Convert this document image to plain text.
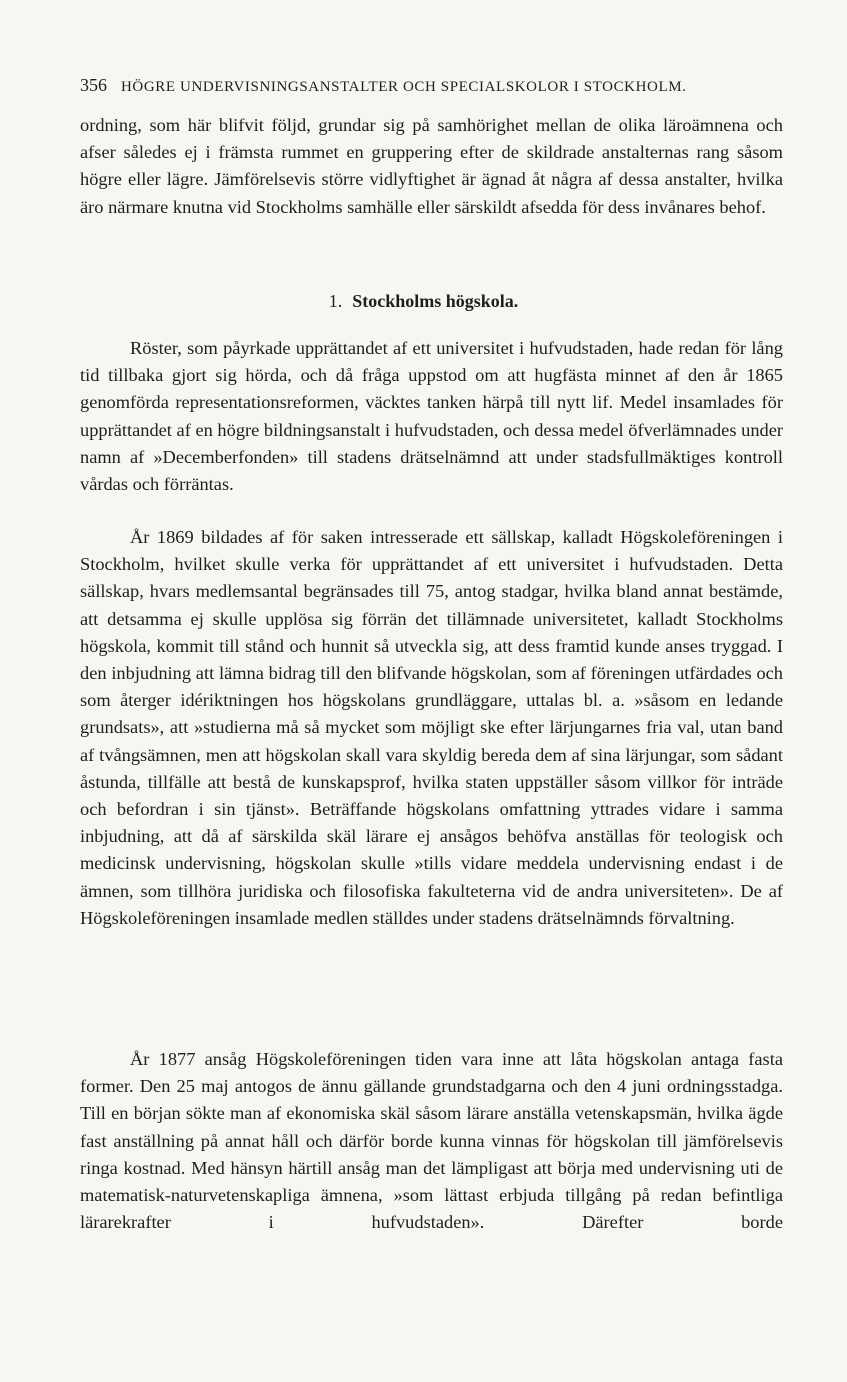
356 HÖGRE UNDERVISNINGSANSTALTER OCH SPECIALSKOLOR I STOCKHOLM.

ordning, som här blifvit följd, grundar sig på samhörighet mellan de olika läroämnena och afser således ej i främsta rummet en gruppering efter de skildrade anstalternas rang såsom högre eller lägre. Jämförelsevis större vidlyftighet är ägnad åt några af dessa anstalter, hvilka äro närmare knutna vid Stockholms samhälle eller särskildt afsedda för dess invånares behof.

1. Stockholms högskola.

Röster, som påyrkade upprättandet af ett universitet i hufvudstaden, hade redan för lång tid tillbaka gjort sig hörda, och då fråga uppstod om att hugfästa minnet af den år 1865 genomförda representationsreformen, väcktes tanken härpå till nytt lif. Medel insamlades för upprättandet af en högre bildningsanstalt i hufvudstaden, och dessa medel öfverlämnades under namn af »Decemberfonden» till stadens drätselnämnd att under stadsfullmäktiges kontroll vårdas och förräntas.

År 1869 bildades af för saken intresserade ett sällskap, kalladt Högskoleföreningen i Stockholm, hvilket skulle verka för upprättandet af ett universitet i hufvudstaden. Detta sällskap, hvars medlemsantal begränsades till 75, antog stadgar, hvilka bland annat bestämde, att detsamma ej skulle upplösa sig förrän det tillämnade universitetet, kalladt Stockholms högskola, kommit till stånd och hunnit så utveckla sig, att dess framtid kunde anses tryggad. I den inbjudning att lämna bidrag till den blifvande högskolan, som af föreningen utfärdades och som återger idériktningen hos högskolans grundläggare, uttalas bl. a. »såsom en ledande grundsats», att »studierna må så mycket som möjligt ske efter lärjungarnes fria val, utan band af tvångsämnen, men att högskolan skall vara skyldig bereda dem af sina lärjungar, som sådant åstunda, tillfälle att bestå de kunskapsprof, hvilka staten uppställer såsom villkor för inträde och befordran i sin tjänst». Beträffande högskolans omfattning yttrades vidare i samma inbjudning, att då af särskilda skäl lärare ej ansågos behöfva anställas för teologisk och medicinsk undervisning, högskolan skulle »tills vidare meddela undervisning endast i de ämnen, som tillhöra juridiska och filosofiska fakulteterna vid de andra universiteten». De af Högskoleföreningen insamlade medlen ställdes under stadens drätselnämnds förvaltning.

År 1877 ansåg Högskoleföreningen tiden vara inne att låta högskolan antaga fasta former. Den 25 maj antogos de ännu gällande grundstadgarna och den 4 juni ordningsstadga. Till en början sökte man af ekonomiska skäl såsom lärare anställa vetenskapsmän, hvilka ägde fast anställning på annat håll och därför borde kunna vinnas för högskolan till jämförelsevis ringa kostnad. Med hänsyn härtill ansåg man det lämpligast att börja med undervisning uti de matematisk-naturvetenskapliga ämnena, »som lättast erbjuda tillgång på redan befintliga lärarekrafter i hufvudstaden». Därefter borde
